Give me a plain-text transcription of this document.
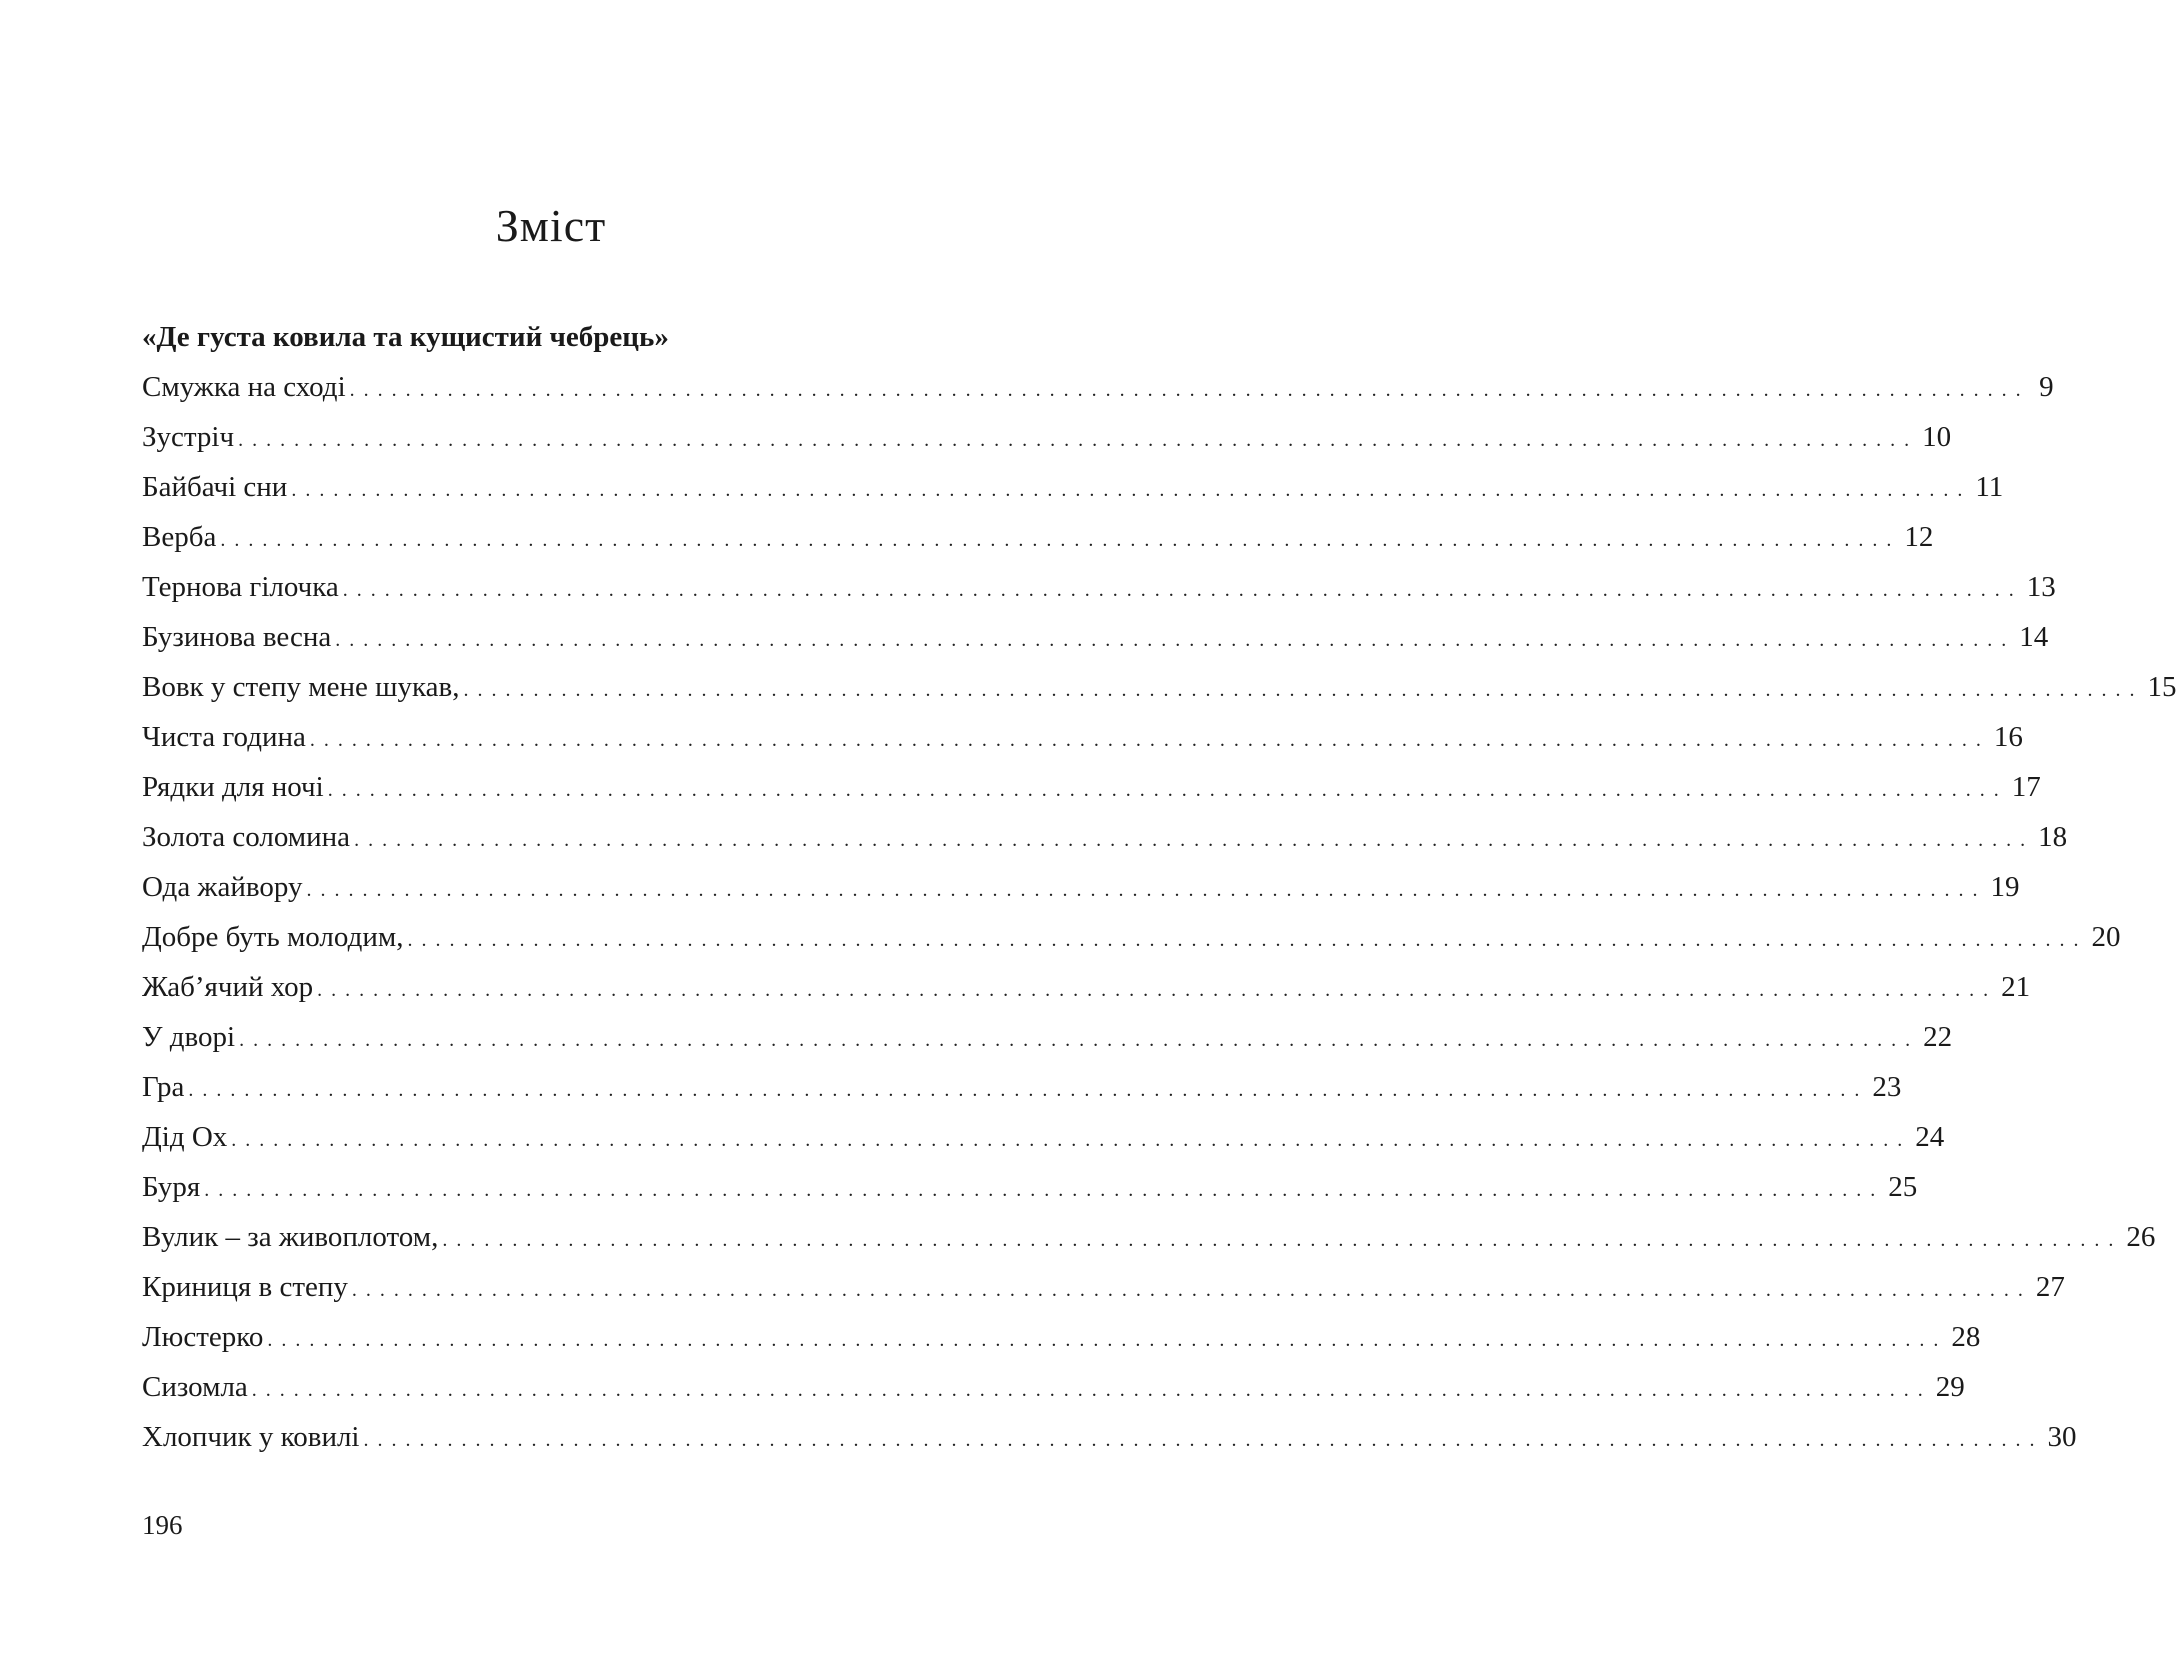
Зміст
«Де густа ковила та кущистий чебрець»
Смужка на сході ........................................................................................................................ 9
Зустріч ........................................................................................................................ 10
Байбачі сни ........................................................................................................................ 11
Верба ........................................................................................................................ 12
Тернова гілочка ........................................................................................................................ 13
Бузинова весна ........................................................................................................................ 14
Вовк у степу мене шукав, ........................................................................................................................ 15
Чиста година ........................................................................................................................ 16
Рядки для ночі ........................................................................................................................ 17
Золота соломина ........................................................................................................................ 18
Ода жайвору ........................................................................................................................ 19
Добре буть молодим, ........................................................................................................................ 20
Жаб’ячий хор ........................................................................................................................ 21
У дворі ........................................................................................................................ 22
Гра ........................................................................................................................ 23
Дід Ох ........................................................................................................................ 24
Буря ........................................................................................................................ 25
Вулик – за живоплотом, ........................................................................................................................ 26
Криниця в степу ........................................................................................................................ 27
Люстерко ........................................................................................................................ 28
Сизомла ........................................................................................................................ 29
Хлопчик у ковилі ........................................................................................................................ 30
196
